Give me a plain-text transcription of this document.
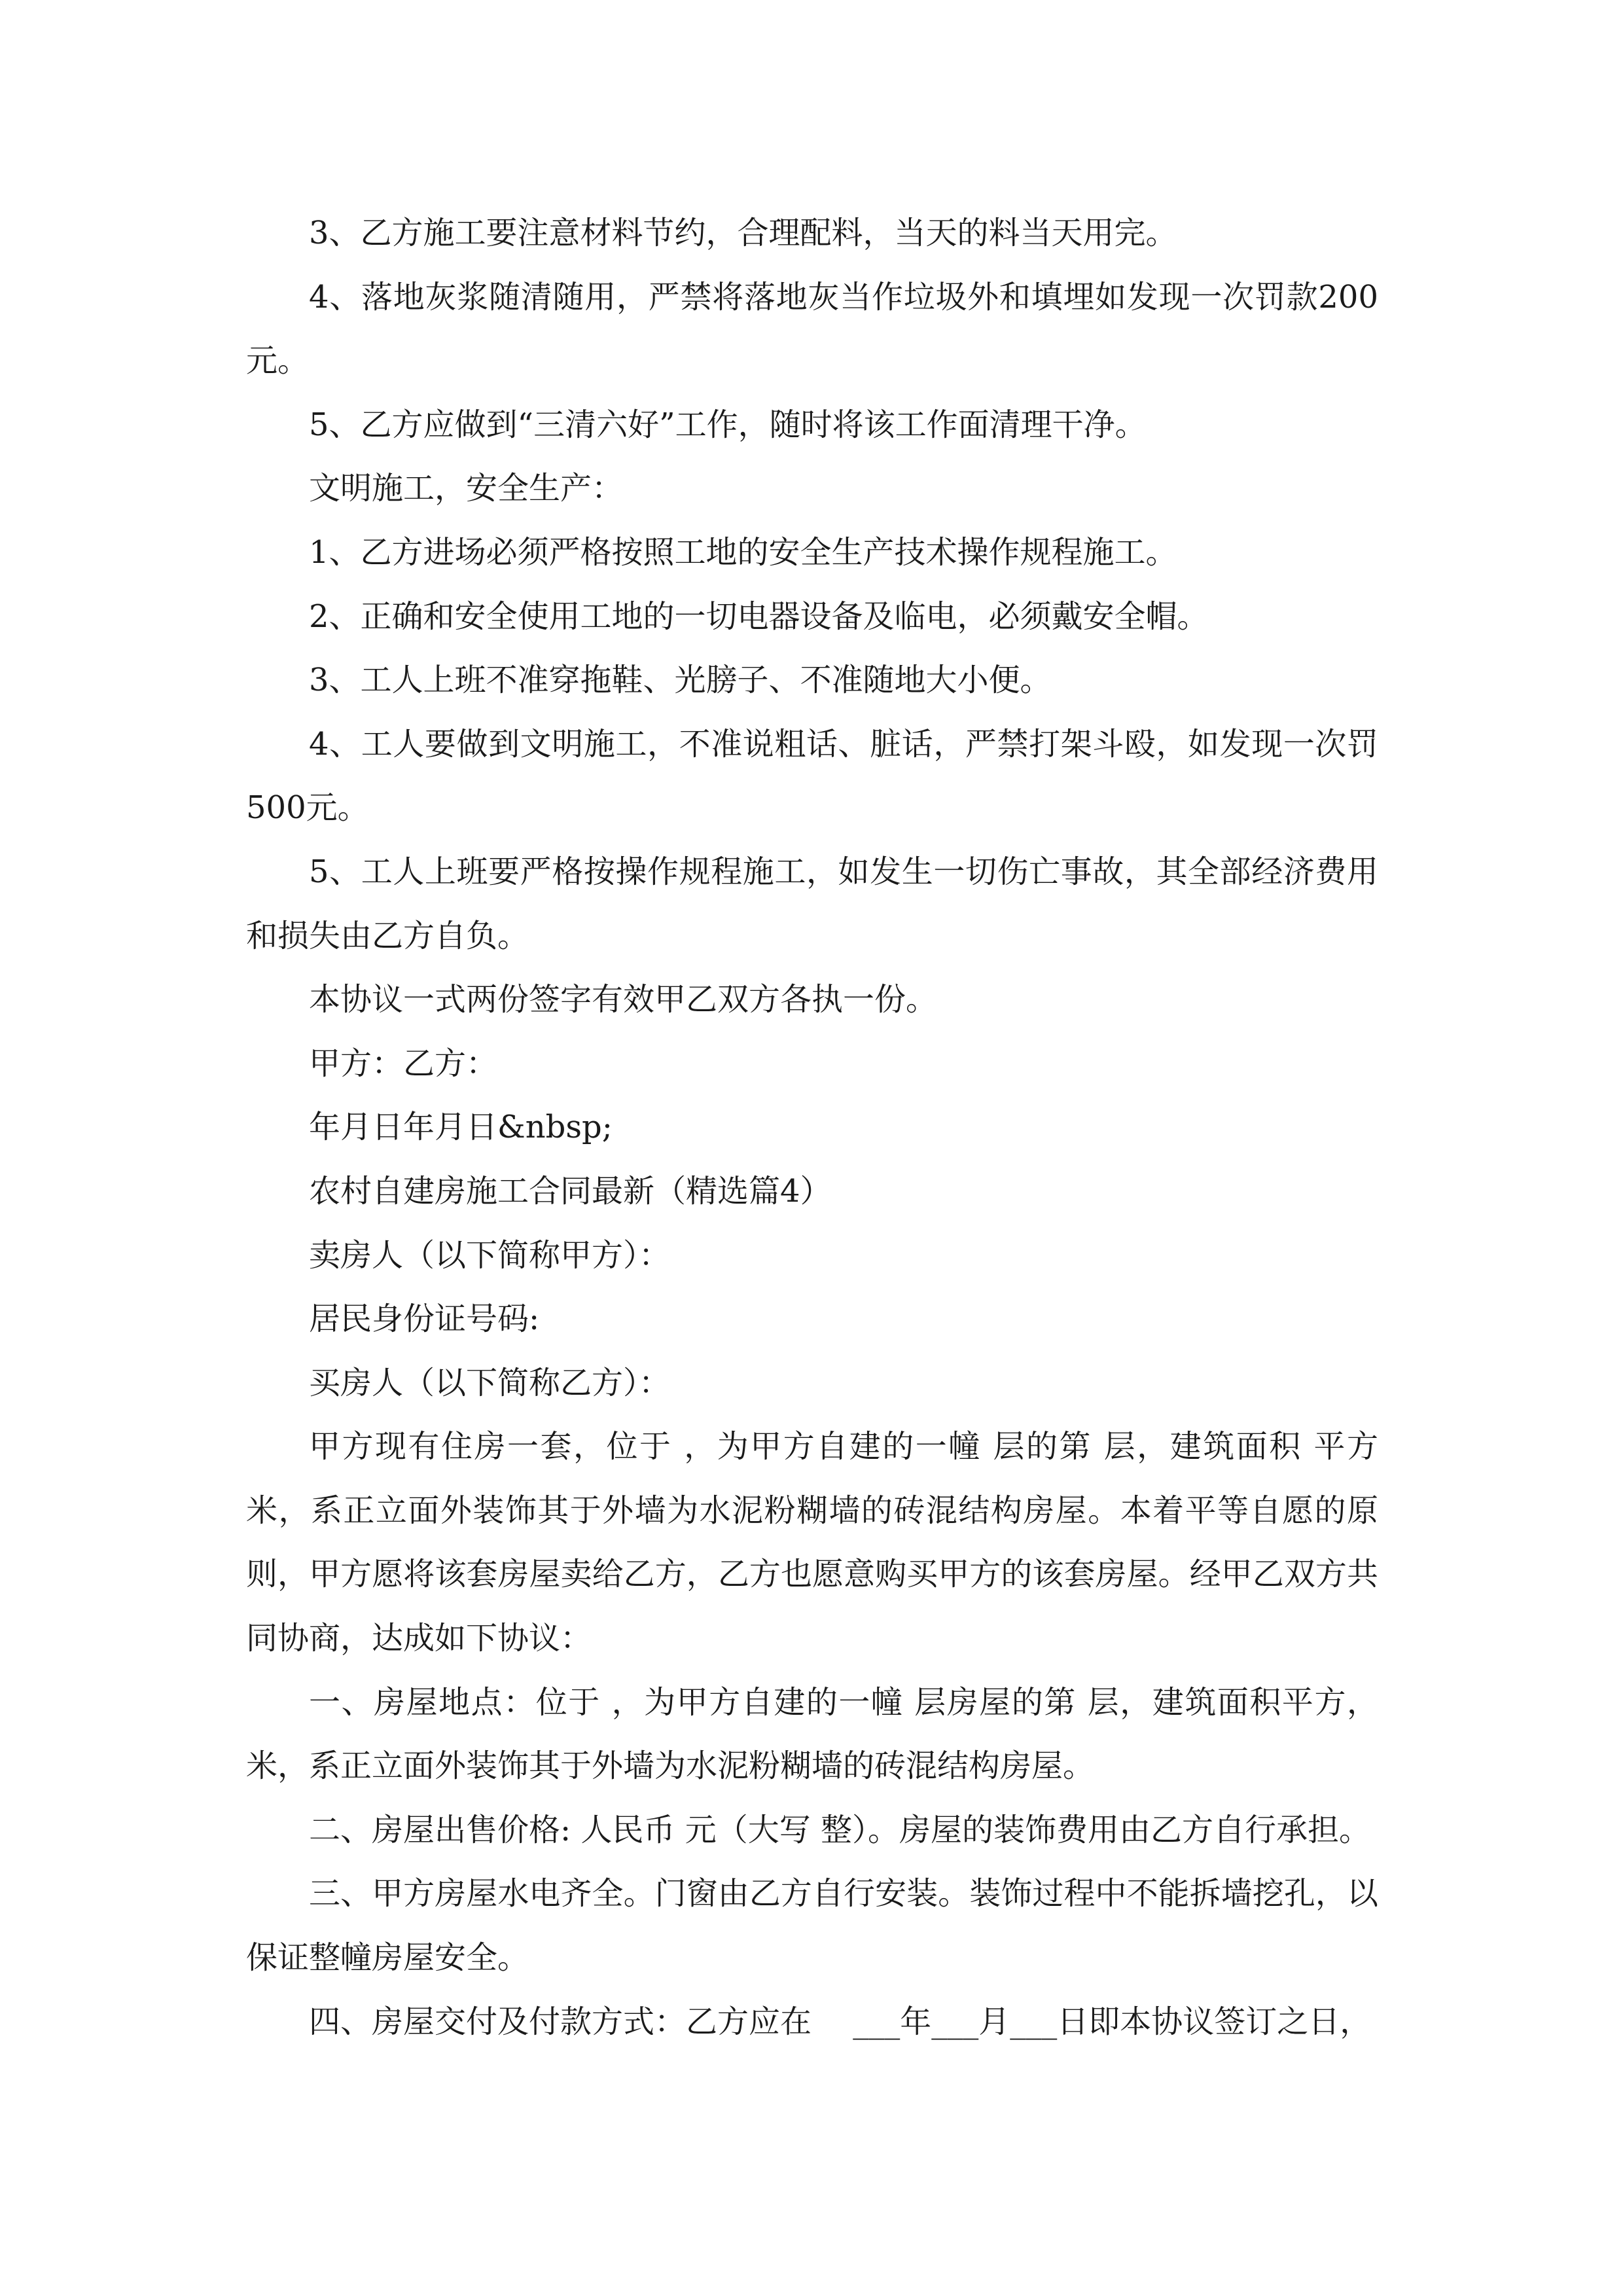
3、乙方施工要注意材料节约，合理配料，当天的料当天用完。

4、落地灰浆随清随用，严禁将落地灰当作垃圾外和填埋如发现一次罚款200元。

5、乙方应做到“三清六好”工作，随时将该工作面清理干净。

文明施工，安全生产：

1、乙方进场必须严格按照工地的安全生产技术操作规程施工。

2、正确和安全使用工地的一切电器设备及临电，必须戴安全帽。

3、工人上班不准穿拖鞋、光膀子、不准随地大小便。

4、工人要做到文明施工，不准说粗话、脏话，严禁打架斗殴，如发现一次罚500元。

5、工人上班要严格按操作规程施工，如发生一切伤亡事故，其全部经济费用和损失由乙方自负。

本协议一式两份签字有效甲乙双方各执一份。

甲方：乙方：

年月日年月日&nbsp;

农村自建房施工合同最新（精选篇4）

卖房人（以下简称甲方）：

居民身份证号码:

买房人（以下简称乙方）：

甲方现有住房一套，位于 ，为甲方自建的一幢 层的第 层，建筑面积 平方米，系正立面外装饰其于外墙为水泥粉糊墙的砖混结构房屋。本着平等自愿的原则，甲方愿将该套房屋卖给乙方，乙方也愿意购买甲方的该套房屋。经甲乙双方共同协商，达成如下协议：

一、房屋地点：位于 ，为甲方自建的一幢 层房屋的第 层，建筑面积平方，米，系正立面外装饰其于外墙为水泥粉糊墙的砖混结构房屋。

二、房屋出售价格: 人民币 元（大写 整）。房屋的装饰费用由乙方自行承担。

三、甲方房屋水电齐全。门窗由乙方自行安装。装饰过程中不能拆墙挖孔，以保证整幢房屋安全。

四、房屋交付及付款方式：乙方应在　 ___年___月___日即本协议签订之日，
